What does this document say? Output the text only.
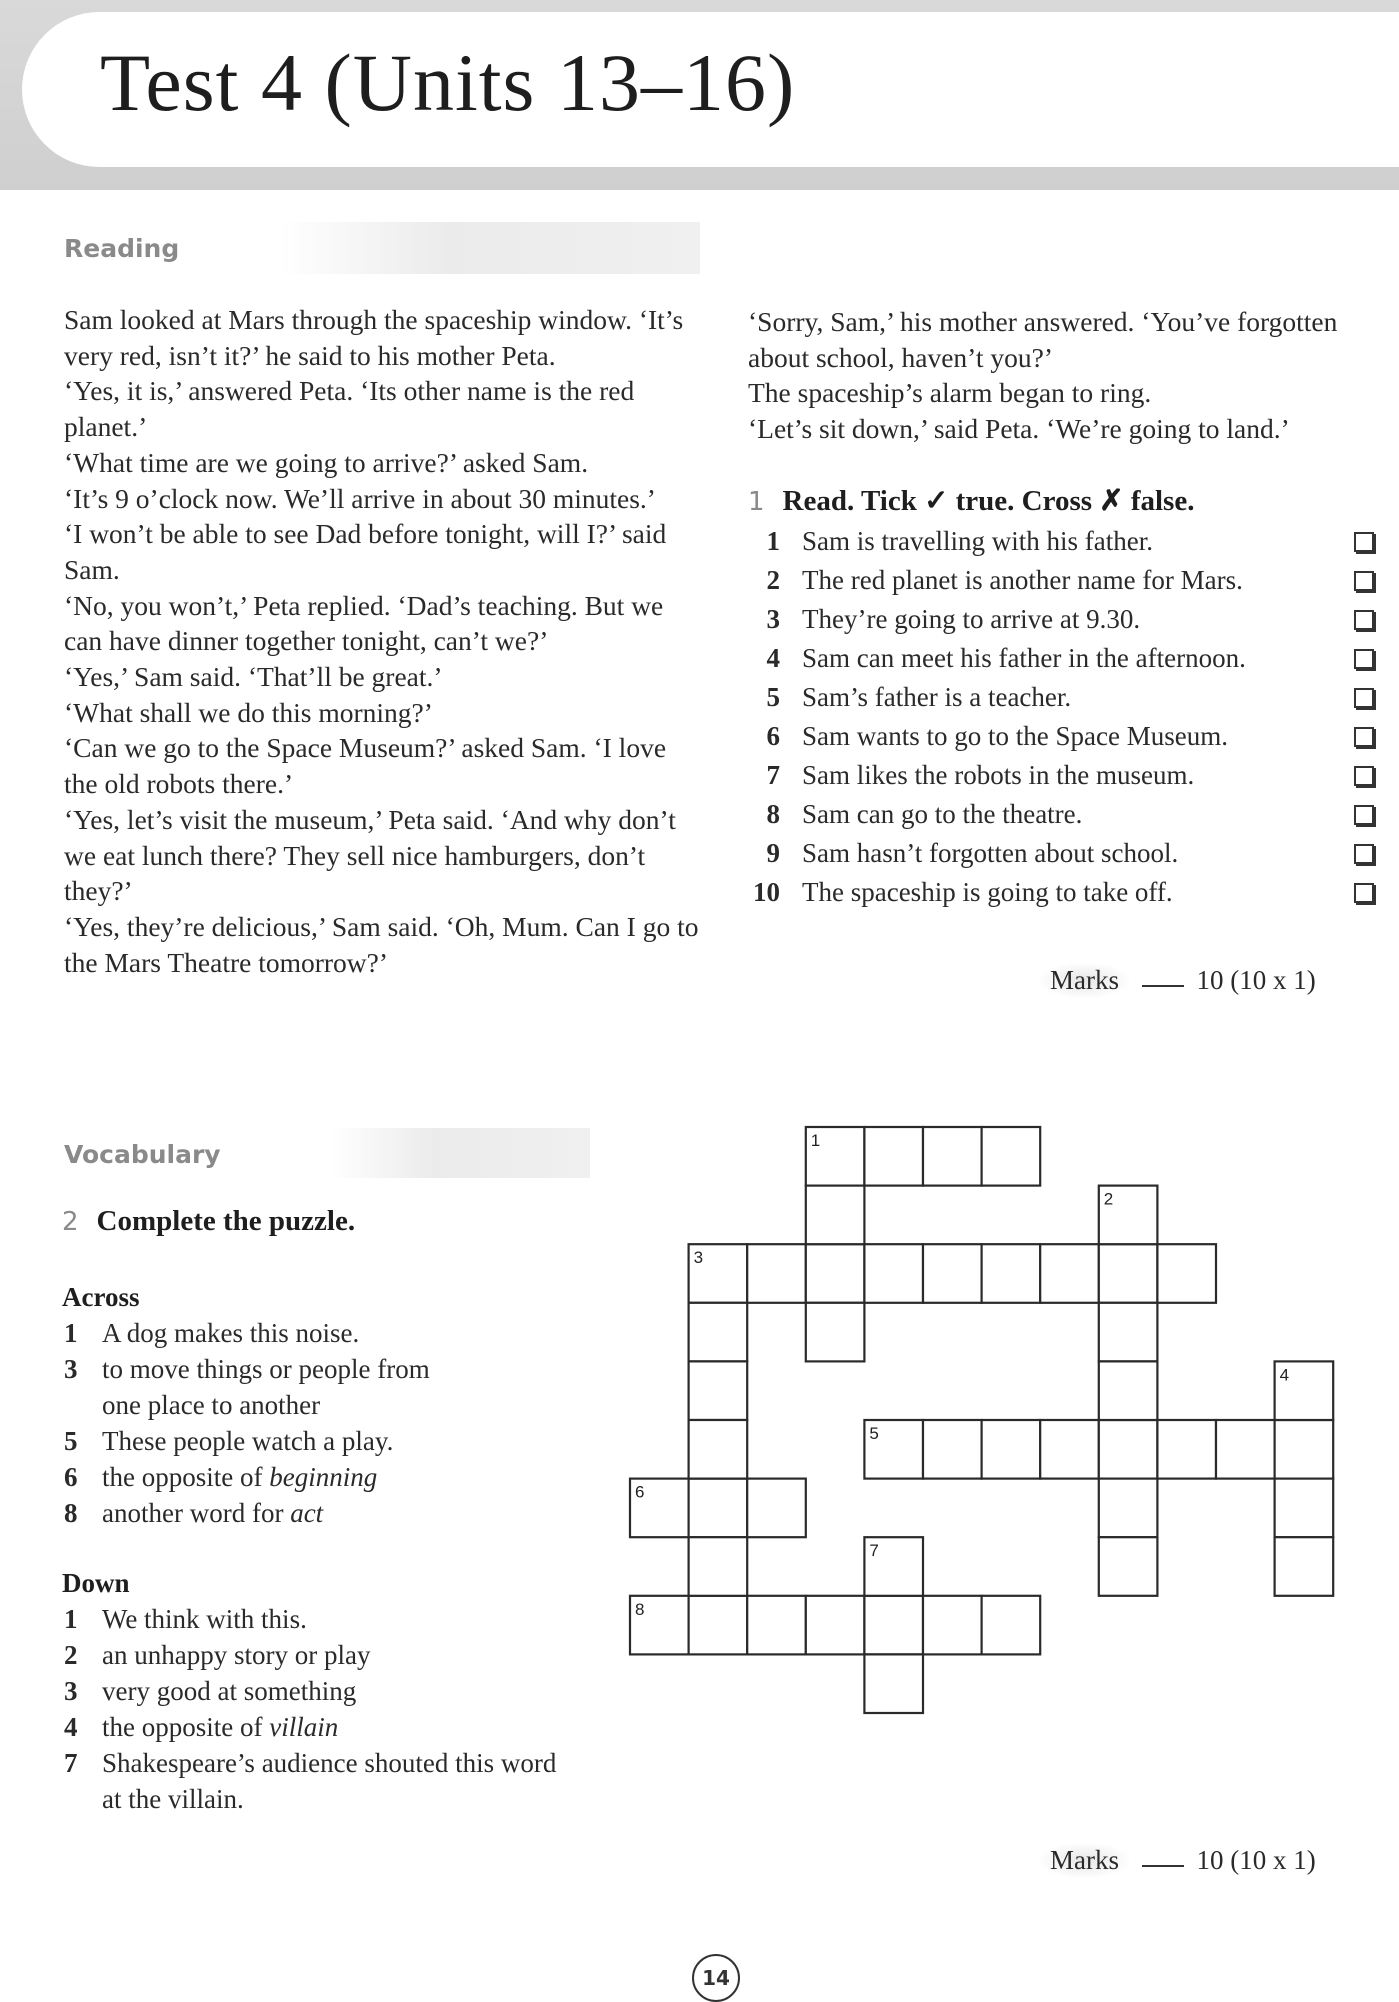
Test 4 (Units 13–16)
Reading

Sam looked at Mars through the spaceship window. ‘It’s very red, isn’t it?’ he said to his mother Peta.

‘Yes, it is,’ answered Peta. ‘Its other name is the red planet.’

‘What time are we going to arrive?’ asked Sam.

‘It’s 9 o’clock now. We’ll arrive in about 30 minutes.’

‘I won’t be able to see Dad before tonight, will I?’ said Sam.

‘No, you won’t,’ Peta replied. ‘Dad’s teaching. But we can have dinner together tonight, can’t we?’

‘Yes,’ Sam said. ‘That’ll be great.’

‘What shall we do this morning?’

‘Can we go to the Space Museum?’ asked Sam. ‘I love the old robots there.’

‘Yes, let’s visit the museum,’ Peta said. ‘And why don’t we eat lunch there? They sell nice hamburgers, don’t they?’

‘Yes, they’re delicious,’ Sam said. ‘Oh, Mum. Can I go to the Mars Theatre tomorrow?’

‘Sorry, Sam,’ his mother answered. ‘You’ve forgotten about school, haven’t you?’

The spaceship’s alarm began to ring.

‘Let’s sit down,’ said Peta. ‘We’re going to land.’

1 Read. Tick ✓ true. Cross ✗ false.
1 Sam is travelling with his father.
2 The red planet is another name for Mars.
3 They’re going to arrive at 9.30.
4 Sam can meet his father in the afternoon.
5 Sam’s father is a teacher.
6 Sam wants to go to the Space Museum.
7 Sam likes the robots in the museum.
8 Sam can go to the theatre.
9 Sam hasn’t forgotten about school.
10 The spaceship is going to take off.
Marks	10 (10 x 1)
Vocabulary
2 Complete the puzzle.
Across
1 A dog makes this noise.
3 to move things or people from one place to another
5 These people watch a play.
6 the opposite of beginning
8 another word for act
Down
1 We think with this.
2 an unhappy story or play
3 very good at something
4 the opposite of villain
7 Shakespeare’s audience shouted this word at the villain.
1
2
3
4
5
6
7
8
Marks	10 (10 x 1)
14
